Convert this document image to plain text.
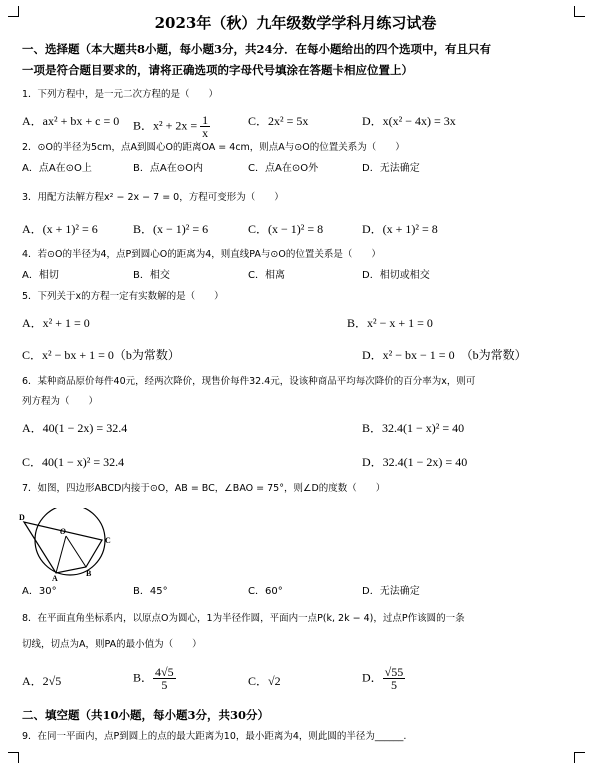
2023年（秋）九年级数学学科月练习试卷
一、选择题（本大题共8小题，每小题3分，共24分．在每小题给出的四个选项中，有且只有
一项是符合题目要求的，请将正确选项的字母代号填涂在答题卡相应位置上）
1．下列方程中，是一元二次方程的是（　　）
A．ax² + bx + c = 0 B．$x^2 + 2x = \frac{1}{x}$	C．2x² = 5x	D．x(x² − 4x) = 3x
2．⊙O的半径为5cm，点A到圆心O的距离OA = 4cm，则点A与⊙O的位置关系为（　　）
A．点A在⊙O上	B．点A在⊙O内	C．点A在⊙O外	D．无法确定
3．用配方法解方程x² − 2x − 7 = 0，方程可变形为（　　）
A．(x + 1)² = 6	B．(x − 1)² = 6	C．(x − 1)² = 8	D．(x + 1)² = 8
4．若⊙O的半径为4，点P到圆心O的距离为4，则直线PA与⊙O的位置关系是（　　）
A．相切	B．相交	C．相离	D．相切或相交
5．下列关于x的方程一定有实数解的是（　　）
A．x² + 1 = 0	B．x² − x + 1 = 0
C．x² − bx + 1 = 0（b为常数）	D．x² − bx − 1 = 0　（b为常数）
6．某种商品原价每件40元，经两次降价，现售价每件32.4元，设该种商品平均每次降价的百分率为x，则可
列方程为（　　）
A．40(1 − 2x) = 32.4	B．32.4(1 − x)² = 40
C．40(1 − x)² = 32.4	D．32.4(1 − 2x) = 40
7．如图，四边形ABCD内接于⊙O，AB = BC，∠BAO = 75°，则∠D的度数（　　）
D
O
C
A
B
A．30°	B．45°	C．60°	D．无法确定
8．在平面直角坐标系内，以原点O为圆心，1为半径作圆，平面内一点P(k, 2k − 4)，过点P作该圆的一条
切线，切点为A，则PA的最小值为（　　）
A．2√5	B． $\frac{4√5}{5}$	C．√2	D． $\frac{√55}{5}$
二、填空题（共10小题，每小题3分，共30分）
9．在同一平面内，点P到圆上的点的最大距离为10，最小距离为4，则此圆的半径为______.
